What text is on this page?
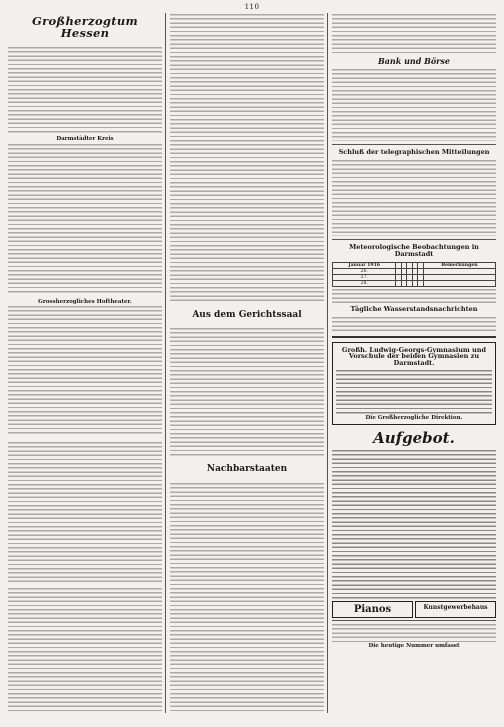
110
Großherzogtum Hessen
Darmstädter Kreis
Grossherzogliches Hoftheater.
Aus dem Gerichtssaal
Nachbarstaaten
Bank und Börse
Schluß der telegraphischen Mitteilungen
Meteorologische Beobachtungen in Darmstadt
Januar 1916						Bemerkungen
26.						
27.						
28.						
Tägliche Wasserstandsnachrichten
Großh. Ludwig-Georgs-Gymnasium und Vorschule der beiden Gymnasien zu Darmstadt.
Die Großherzogliche Direktion.
Aufgebot.
Pianos	Kunstgewerbehaus
Die heutige Nummer umfasst
